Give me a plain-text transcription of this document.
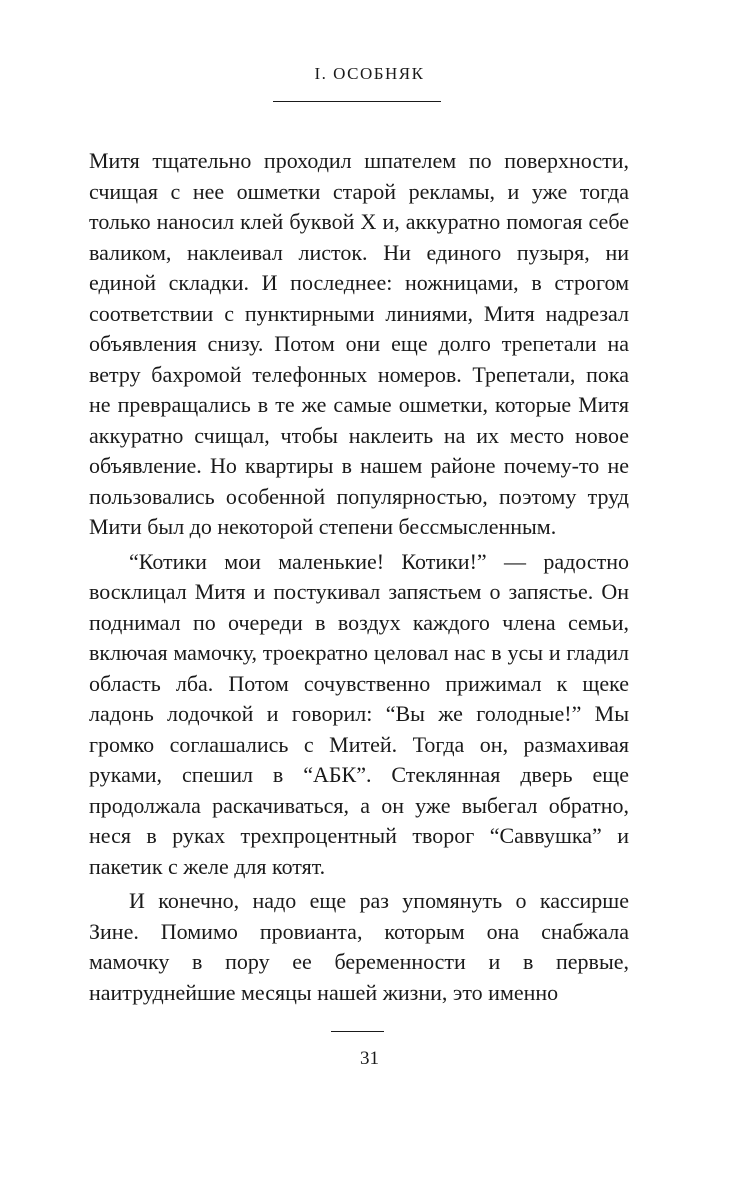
I. ОСОБНЯК

Митя тщательно проходил шпателем по поверхности, счищая с нее ошметки старой рекламы, и уже тогда только наносил клей буквой Х и, аккуратно помогая себе валиком, наклеивал листок. Ни единого пузыря, ни единой складки. И последнее: ножницами, в строгом соответствии с пунктирными линиями, Митя надрезал объявления снизу. Потом они еще долго трепетали на ветру бахромой телефонных номеров. Трепетали, пока не превращались в те же самые ошметки, которые Митя аккуратно счищал, чтобы наклеить на их место новое объявление. Но квартиры в нашем районе почему-то не пользовались особенной популярностью, поэтому труд Мити был до некоторой степени бессмысленным.

“Котики мои маленькие! Котики!” — радостно восклицал Митя и постукивал запястьем о запястье. Он поднимал по очереди в воздух каждого члена семьи, включая мамочку, троекратно целовал нас в усы и гладил область лба. Потом сочувственно прижимал к щеке ладонь лодочкой и говорил: “Вы же голодные!” Мы громко соглашались с Митей. Тогда он, размахивая руками, спешил в “АБК”. Стеклянная дверь еще продолжала раскачиваться, а он уже выбегал обратно, неся в руках трехпроцентный творог “Саввушка” и пакетик с желе для котят.

И конечно, надо еще раз упомянуть о кассирше Зине. Помимо провианта, которым она снабжала мамочку в пору ее беременности и в первые, наитруднейшие месяцы нашей жизни, это именно

31
